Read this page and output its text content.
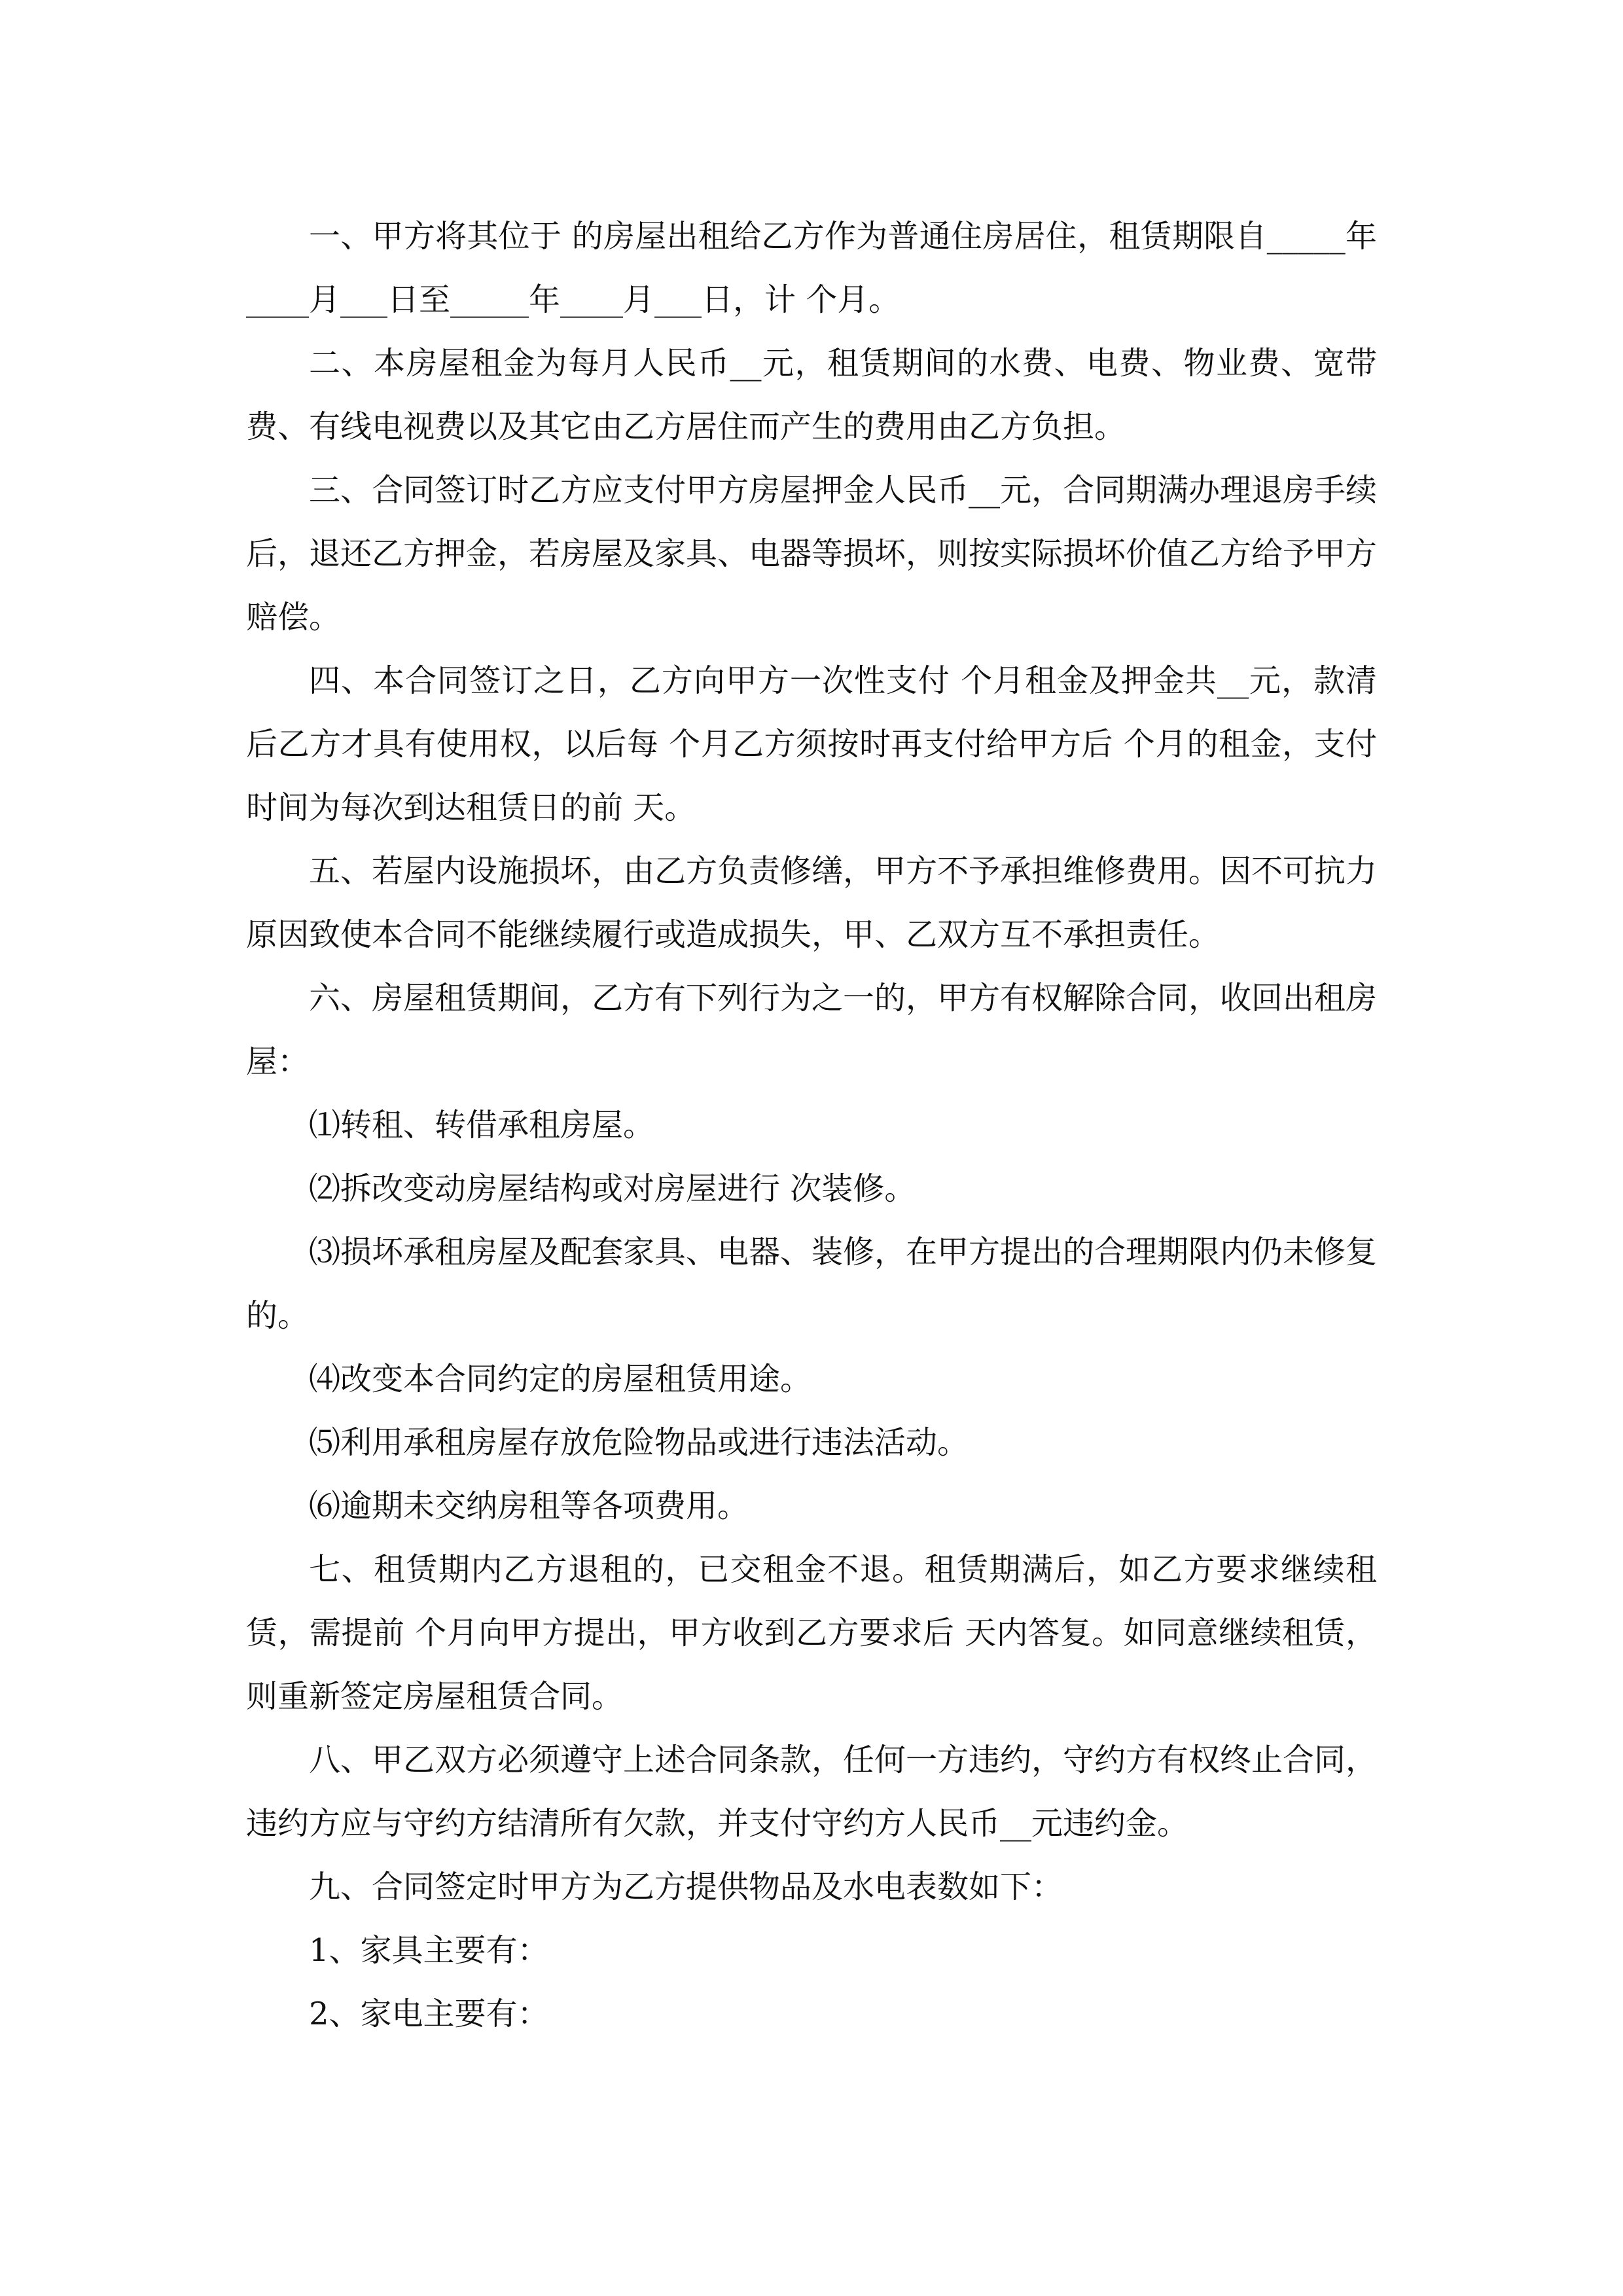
一、甲方将其位于 的房屋出租给乙方作为普通住房居住，租赁期限自_____年____月___日至_____年____月___日，计 个月。

二、本房屋租金为每月人民币__元，租赁期间的水费、电费、物业费、宽带费、有线电视费以及其它由乙方居住而产生的费用由乙方负担。

三、合同签订时乙方应支付甲方房屋押金人民币__元，合同期满办理退房手续后，退还乙方押金，若房屋及家具、电器等损坏，则按实际损坏价值乙方给予甲方赔偿。

四、本合同签订之日，乙方向甲方一次性支付 个月租金及押金共__元，款清后乙方才具有使用权，以后每 个月乙方须按时再支付给甲方后 个月的租金，支付时间为每次到达租赁日的前 天。

五、若屋内设施损坏，由乙方负责修缮，甲方不予承担维修费用。因不可抗力原因致使本合同不能继续履行或造成损失，甲、乙双方互不承担责任。

六、房屋租赁期间，乙方有下列行为之一的，甲方有权解除合同，收回出租房屋：

⑴转租、转借承租房屋。

⑵拆改变动房屋结构或对房屋进行 次装修。

⑶损坏承租房屋及配套家具、电器、装修，在甲方提出的合理期限内仍未修复的。

⑷改变本合同约定的房屋租赁用途。

⑸利用承租房屋存放危险物品或进行违法活动。

⑹逾期未交纳房租等各项费用。

七、租赁期内乙方退租的，已交租金不退。租赁期满后，如乙方要求继续租赁，需提前 个月向甲方提出，甲方收到乙方要求后 天内答复。如同意继续租赁，则重新签定房屋租赁合同。

八、甲乙双方必须遵守上述合同条款，任何一方违约，守约方有权终止合同，违约方应与守约方结清所有欠款，并支付守约方人民币__元违约金。

九、合同签定时甲方为乙方提供物品及水电表数如下：

1、家具主要有：

2、家电主要有：
